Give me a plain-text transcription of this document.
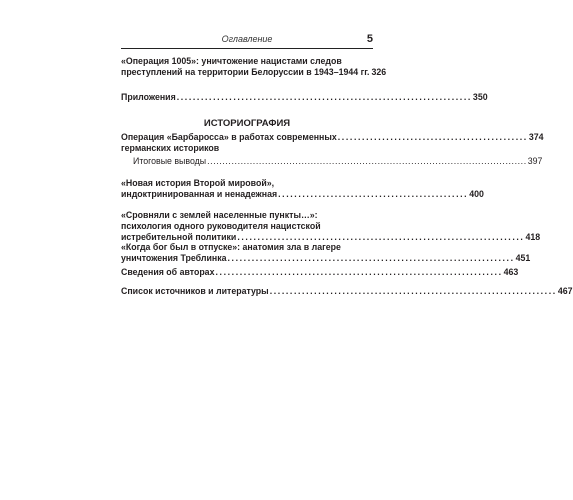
Оглавление	5
«Операция 1005»: уничтожение нацистами следов
преступлений на территории Белоруссии в 1943–1944 гг. 326
Приложения ......................................................................... 350
ИСТОРИОГРАФИЯ
Операция «Барбаросса» в работах современных ............................................... 374
германских историков
Итоговые выводы ......................................................................................................... 397
«Новая история Второй мировой»,
индоктринированная и ненадежная ............................................... 400
«Сровняли с землей населенные пункты…»:
психология одного руководителя нацистской
истребительной политики ....................................................................... 418
«Когда бог был в отпуске»: анатомия зла в лагере
уничтожения Треблинка ....................................................................... 451
Сведения об авторах ....................................................................... 463
Список источников и литературы ....................................................................... 467
